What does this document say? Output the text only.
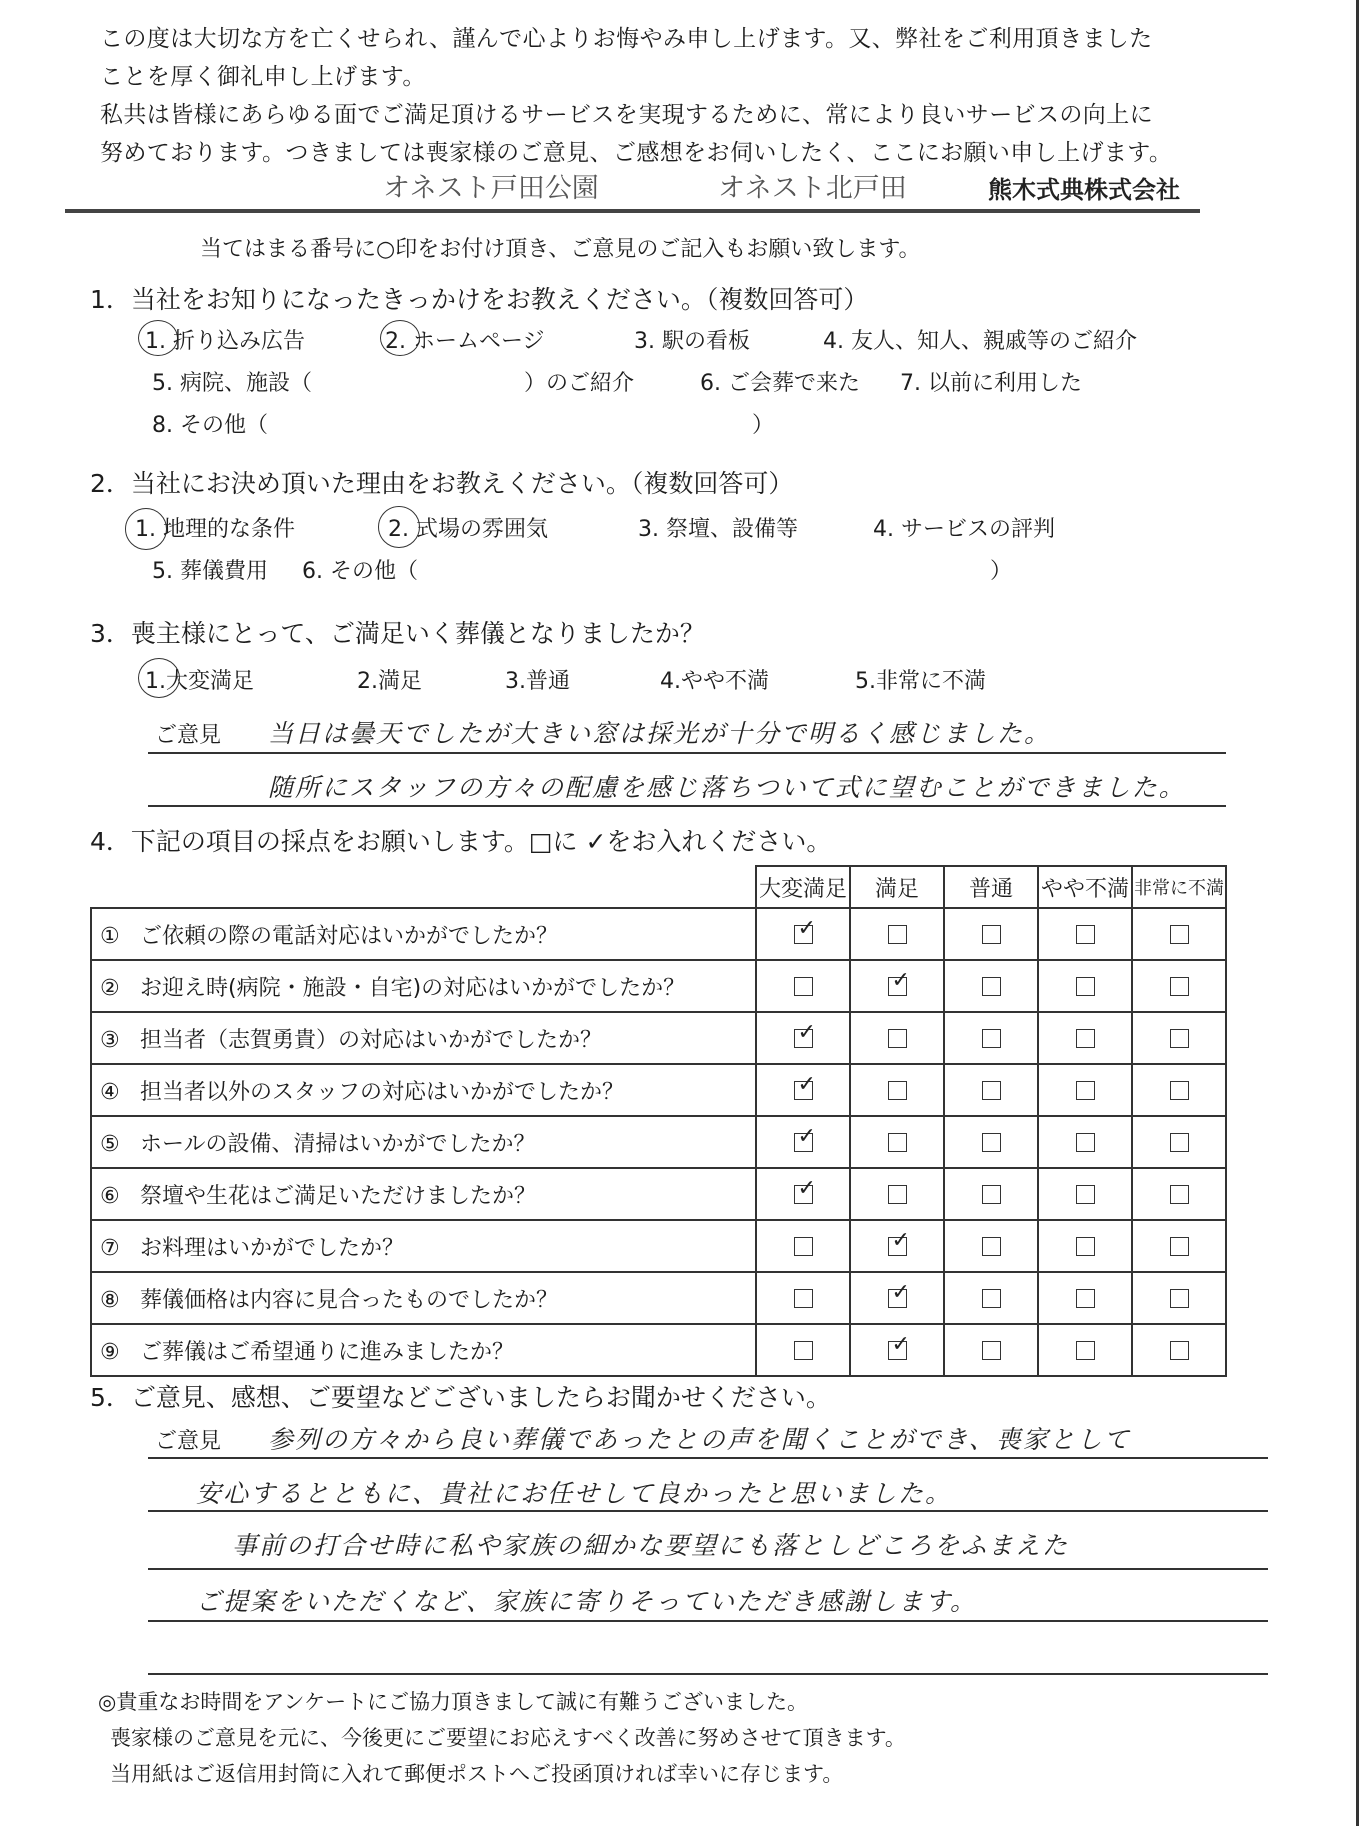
この度は大切な方を亡くせられ、謹んで心よりお悔やみ申し上げます。又、弊社をご利用頂きました
ことを厚く御礼申し上げます。
私共は皆様にあらゆる面でご満足頂けるサービスを実現するために、常により良いサービスの向上に
努めております。つきましては喪家様のご意見、ご感想をお伺いしたく、ここにお願い申し上げます。
オネスト戸田公園	オネスト北戸田	熊木式典株式会社
当てはまる番号に○印をお付け頂き、ご意見のご記入もお願い致します。
1．当社をお知りになったきっかけをお教えください。（複数回答可）
1. 折り込み広告	2. ホームページ	3. 駅の看板	4. 友人、知人、親戚等のご紹介
5. 病院、施設（	）のご紹介	6. ご会葬で来た 7. 以前に利用した
8. その他（	）
2．当社にお決め頂いた理由をお教えください。（複数回答可）
1. 地理的な条件	2. 式場の雰囲気	3. 祭壇、設備等	4. サービスの評判
5. 葬儀費用 6. その他（	）
3．喪主様にとって、ご満足いく葬儀となりましたか？
1.大変満足	2.満足	3.普通	4.やや不満	5.非常に不満
ご意見 当日は曇天でしたが大きい窓は採光が十分で明るく感じました。
随所にスタッフの方々の配慮を感じ落ちついて式に望むことができました。
4．下記の項目の採点をお願いします。□に ✓をお入れください。
	大変満足	満足	普通	やや不満	非常に不満
① ご依頼の際の電話対応はいかがでしたか？	✓				

② お迎え時(病院・施設・自宅)の対応はいかがでしたか？		✓			

③ 担当者（志賀勇貴）の対応はいかがでしたか？	✓				

④ 担当者以外のスタッフの対応はいかがでしたか？	✓				

⑤ ホールの設備、清掃はいかがでしたか？	✓				

⑥ 祭壇や生花はご満足いただけましたか？	✓				

⑦ お料理はいかがでしたか？		✓			

⑧ 葬儀価格は内容に見合ったものでしたか？		✓			

⑨ ご葬儀はご希望通りに進みましたか？		✓			

5．ご意見、感想、ご要望などございましたらお聞かせください。
ご意見 参列の方々から良い葬儀であったとの声を聞くことができ、喪家として
安心するとともに、貴社にお任せして良かったと思いました。
事前の打合せ時に私や家族の細かな要望にも落としどころをふまえた
ご提案をいただくなど、家族に寄りそっていただき感謝します。
◎貴重なお時間をアンケートにご協力頂きまして誠に有難うございました。
喪家様のご意見を元に、今後更にご要望にお応えすべく改善に努めさせて頂きます。
当用紙はご返信用封筒に入れて郵便ポストへご投函頂ければ幸いに存じます。
